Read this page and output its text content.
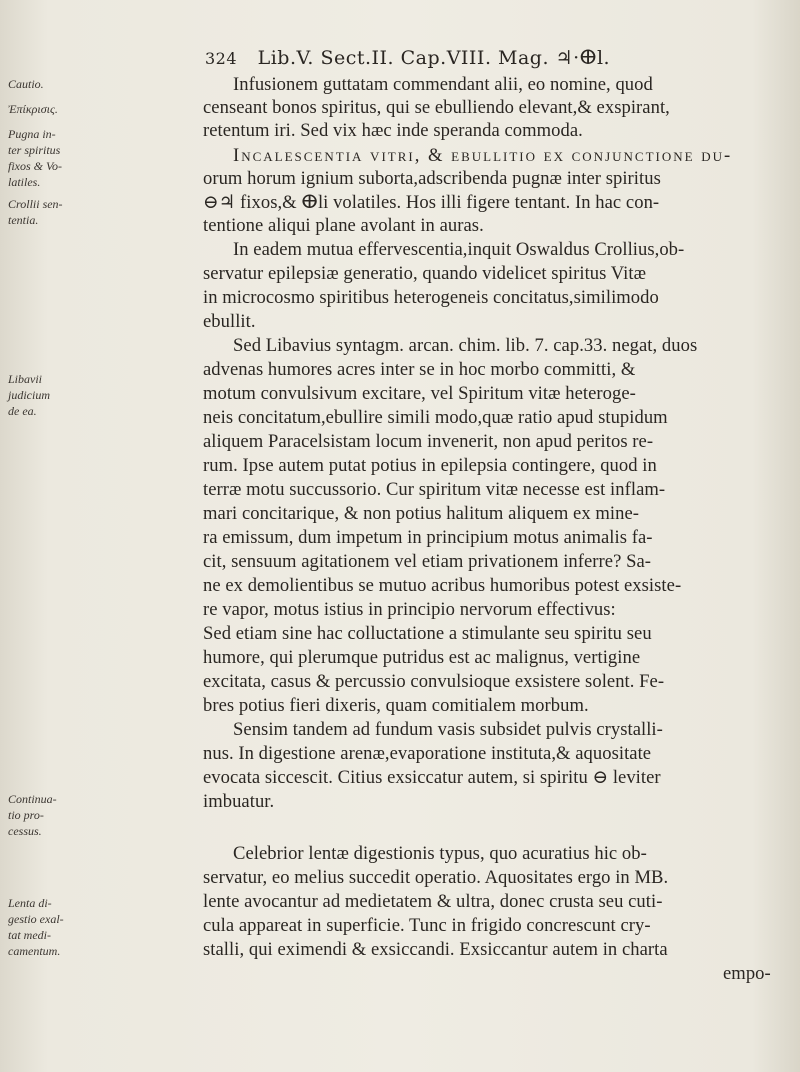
324 Lib.V. Sect.II. Cap.VIII. Mag. ♃·ⴲl.
Cautio.
Ἐπίκρισις.
Pugna in-
ter spiritus
fixos & Vo-
latiles.
Crollii sen-
tentia.
Libavii
judicium
de ea.
Continua-
tio pro-
cessus.
Lenta di-
gestio exal-
tat medi-
camentum.
Infusionem guttatam commendant alii, eo nomine, quod
censeant bonos spiritus, qui se ebulliendo elevant,& exspirant,
retentum iri. Sed vix hæc inde speranda commoda.
Incalescentia vitri, & ebullitio ex conjunctione du-
orum horum ignium suborta,adscribenda pugnæ inter spiritus
⊖♃ fixos,& ⴲli volatiles. Hos illi figere tentant. In hac con-
tentione aliqui plane avolant in auras.
In eadem mutua effervescentia,inquit Oswaldus Crollius,ob-
servatur epilepsiæ generatio, quando videlicet spiritus Vitæ
in microcosmo spiritibus heterogeneis concitatus,similimodo
ebullit.
Sed Libavius syntagm. arcan. chim. lib. 7. cap.33. negat, duos
advenas humores acres inter se in hoc morbo committi, &
motum convulsivum excitare, vel Spiritum vitæ heteroge-
neis concitatum,ebullire simili modo,quæ ratio apud stupidum
aliquem Paracelsistam locum invenerit, non apud peritos re-
rum. Ipse autem putat potius in epilepsia contingere, quod in
terræ motu succussorio. Cur spiritum vitæ necesse est inflam-
mari concitarique, & non potius halitum aliquem ex mine-
ra emissum, dum impetum in principium motus animalis fa-
cit, sensuum agitationem vel etiam privationem inferre? Sa-
ne ex demolientibus se mutuo acribus humoribus potest exsiste-
re vapor, motus istius in principio nervorum effectivus:
Sed etiam sine hac colluctatione a stimulante seu spiritu seu
humore, qui plerumque putridus est ac malignus, vertigine
excitata, casus & percussio convulsioque exsistere solent. Fe-
bres potius fieri dixeris, quam comitialem morbum.
Sensim tandem ad fundum vasis subsidet pulvis crystalli-
nus. In digestione arenæ,evaporatione instituta,& aquositate
evocata siccescit. Citius exsiccatur autem, si spiritu ⊖ leviter
imbuatur.
Celebrior lentæ digestionis typus, quo acuratius hic ob-
servatur, eo melius succedit operatio. Aquositates ergo in MB.
lente avocantur ad medietatem & ultra, donec crusta seu cuti-
cula appareat in superficie. Tunc in frigido concrescunt cry-
stalli, qui eximendi & exsiccandi. Exsiccantur autem in charta
empo-
